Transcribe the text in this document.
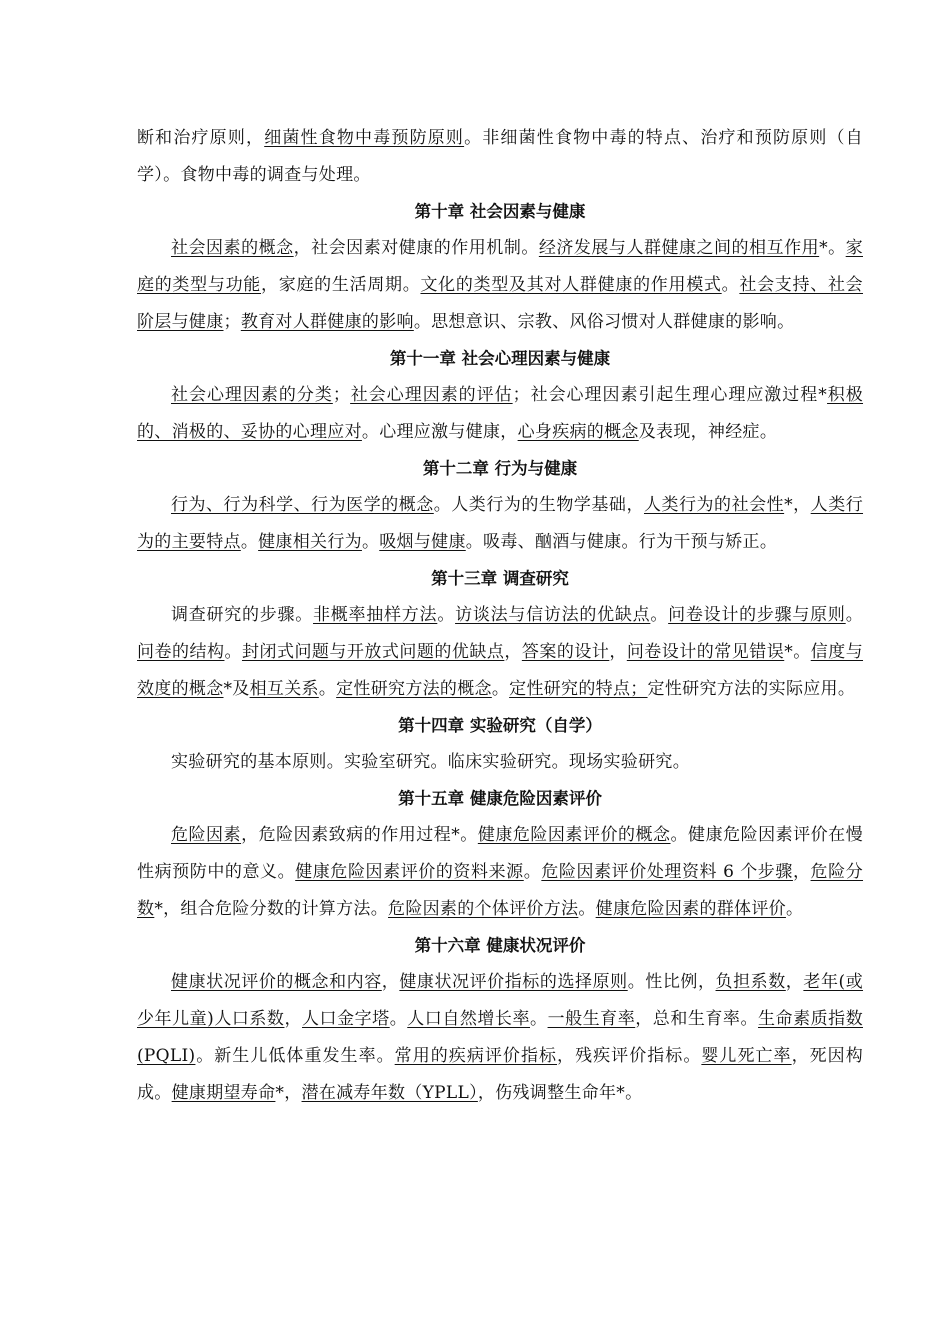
断和治疗原则，细菌性食物中毒预防原则。非细菌性食物中毒的特点、治疗和预防原则（自学）。食物中毒的调查与处理。

第十章 社会因素与健康

社会因素的概念，社会因素对健康的作用机制。经济发展与人群健康之间的相互作用*。家庭的类型与功能，家庭的生活周期。文化的类型及其对人群健康的作用模式。社会支持、社会阶层与健康；教育对人群健康的影响。思想意识、宗教、风俗习惯对人群健康的影响。

第十一章 社会心理因素与健康

社会心理因素的分类；社会心理因素的评估；社会心理因素引起生理心理应激过程*积极的、消极的、妥协的心理应对。心理应激与健康，心身疾病的概念及表现，神经症。

第十二章 行为与健康

行为、行为科学、行为医学的概念。人类行为的生物学基础，人类行为的社会性*，人类行为的主要特点。健康相关行为。吸烟与健康。吸毒、酗酒与健康。行为干预与矫正。

第十三章 调查研究

调查研究的步骤。非概率抽样方法。访谈法与信访法的优缺点。问卷设计的步骤与原则。问卷的结构。封闭式问题与开放式问题的优缺点，答案的设计，问卷设计的常见错误*。信度与效度的概念*及相互关系。定性研究方法的概念。定性研究的特点；定性研究方法的实际应用。

第十四章 实验研究（自学）

实验研究的基本原则。实验室研究。临床实验研究。现场实验研究。

第十五章 健康危险因素评价

危险因素，危险因素致病的作用过程*。健康危险因素评价的概念。健康危险因素评价在慢性病预防中的意义。健康危险因素评价的资料来源。危险因素评价处理资料 6 个步骤，危险分数*，组合危险分数的计算方法。危险因素的个体评价方法。健康危险因素的群体评价。

第十六章 健康状况评价

健康状况评价的概念和内容，健康状况评价指标的选择原则。性比例，负担系数，老年(或少年儿童)人口系数，人口金字塔。人口自然增长率。一般生育率，总和生育率。生命素质指数(PQLI)。新生儿低体重发生率。常用的疾病评价指标，残疾评价指标。婴儿死亡率，死因构成。健康期望寿命*，潜在减寿年数（YPLL），伤残调整生命年*。
